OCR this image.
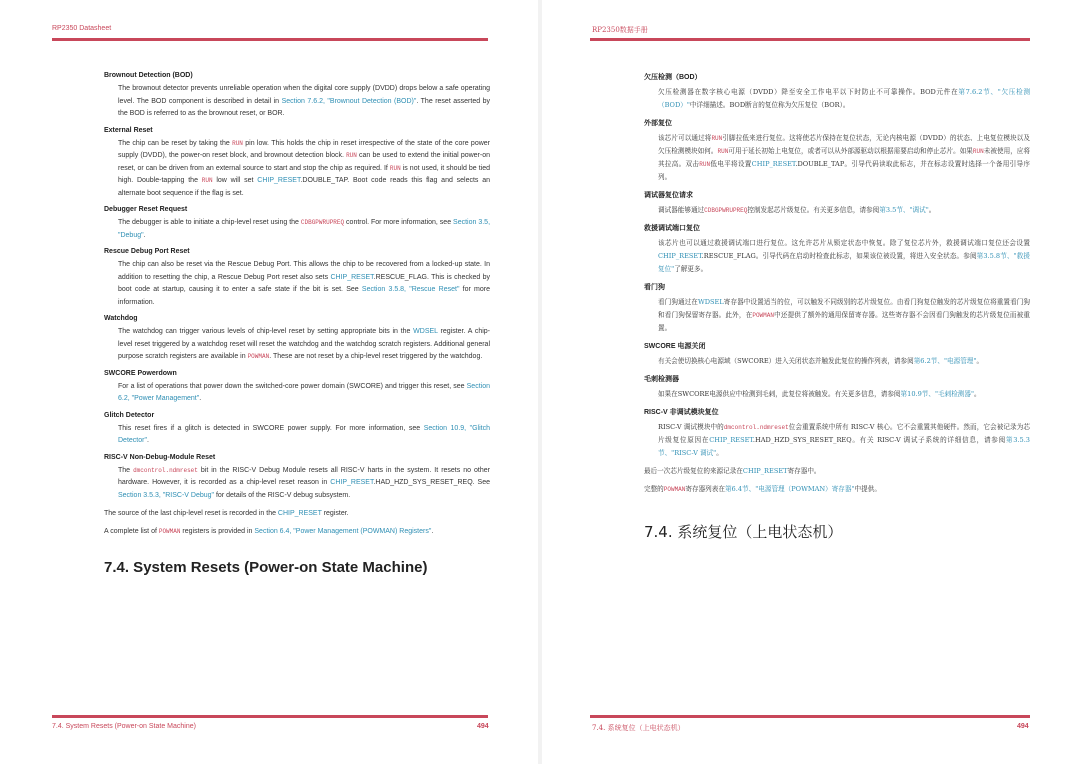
RP2350 Datasheet
Brownout Detection (BOD)

The brownout detector prevents unreliable operation when the digital core supply (DVDD) drops below a safe operating level. The BOD component is described in detail in Section 7.6.2, "Brownout Detection (BOD)". The reset asserted by the BOD is referred to as the brownout reset, or BOR.

External Reset

The chip can be reset by taking the RUN pin low. This holds the chip in reset irrespective of the state of the core power supply (DVDD), the power-on reset block, and brownout detection block. RUN can be used to extend the initial power-on reset, or can be driven from an external source to start and stop the chip as required. If RUN is not used, it should be tied high. Double-tapping the RUN low will set CHIP_RESET.DOUBLE_TAP. Boot code reads this flag and selects an alternate boot sequence if the flag is set.

Debugger Reset Request

The debugger is able to initiate a chip-level reset using the CDBGPWRUPREQ control. For more information, see Section 3.5, "Debug".

Rescue Debug Port Reset

The chip can also be reset via the Rescue Debug Port. This allows the chip to be recovered from a locked-up state. In addition to resetting the chip, a Rescue Debug Port reset also sets CHIP_RESET.RESCUE_FLAG. This is checked by boot code at startup, causing it to enter a safe state if the bit is set. See Section 3.5.8, "Rescue Reset" for more information.

Watchdog

The watchdog can trigger various levels of chip-level reset by setting appropriate bits in the WDSEL register. A chip-level reset triggered by a watchdog reset will reset the watchdog and the watchdog scratch registers. Additional general purpose scratch registers are available in POWMAN. These are not reset by a chip-level reset triggered by the watchdog.

SWCORE Powerdown

For a list of operations that power down the switched-core power domain (SWCORE) and trigger this reset, see Section 6.2, "Power Management".

Glitch Detector

This reset fires if a glitch is detected in SWCORE power supply. For more information, see Section 10.9, "Glitch Detector".

RISC-V Non-Debug-Module Reset

The dmcontrol.ndmreset bit in the RISC-V Debug Module resets all RISC-V harts in the system. It resets no other hardware. However, it is recorded as a chip-level reset reason in CHIP_RESET.HAD_HZD_SYS_RESET_REQ. See Section 3.5.3, "RISC-V Debug" for details of the RISC-V debug subsystem.

The source of the last chip-level reset is recorded in the CHIP_RESET register.

A complete list of POWMAN registers is provided in Section 6.4, "Power Management (POWMAN) Registers".

7.4. System Resets (Power-on State Machine)
7.4. System Resets (Power-on State Machine)	494
RP2350数据手册
欠压检测（BOD）

欠压检测器在数字核心电源（DVDD）降至安全工作电平以下时防止不可靠操作。BOD元件在第7.6.2节、"欠压检测（BOD）"中详细描述。BOD断言的复位称为欠压复位（BOR）。

外部复位

该芯片可以通过将RUN引脚拉低来进行复位。这将使芯片保持在复位状态，无论内核电源（DVDD）的状态、上电复位模块以及欠压检测模块如何。RUN可用于延长初始上电复位，或者可以从外部源驱动以根据需要启动和停止芯片。如果RUN未被使用，应将其拉高。双击RUN低电平将设置CHIP_RESET.DOUBLE_TAP。引导代码读取此标志，并在标志设置时选择一个备用引导序列。

调试器复位请求

调试器能够通过CDBGPWRUPREQ控制发起芯片级复位。有关更多信息，请参阅第3.5节、"调试"。

救援调试端口复位

该芯片也可以通过救援调试端口进行复位。这允许芯片从锁定状态中恢复。除了复位芯片外，救援调试端口复位还会设置CHIP_RESET.RESCUE_FLAG。引导代码在启动时检查此标志，如果该位被设置，将进入安全状态。参阅第3.5.8节、"救援复位"了解更多。

看门狗

看门狗通过在WDSEL寄存器中设置适当的位，可以触发不同级别的芯片级复位。由看门狗复位触发的芯片级复位将重置看门狗和看门狗保留寄存器。此外，在POWMAN中还提供了额外的通用保留寄存器。这些寄存器不会因看门狗触发的芯片级复位而被重置。

SWCORE 电源关闭

有关会使切换核心电源域（SWCORE）进入关闭状态并触发此复位的操作列表，请参阅第6.2节、"电源管理"。

毛刺检测器

如果在SWCORE电源供应中检测到毛刺，此复位将被触发。有关更多信息，请参阅第10.9节、"毛刺检测器"。

RISC-V 非调试模块复位

RISC-V 调试模块中的dmcontrol.ndmreset位会重置系统中所有 RISC-V 核心。它不会重置其他硬件。然而，它会被记录为芯片级复位原因在CHIP_RESET.HAD_HZD_SYS_RESET_REQ。有关 RISC-V 调试子系统的详细信息，请参阅第3.5.3节、"RISC-V 调试"。

最后一次芯片级复位的来源记录在CHIP_RESET寄存器中。

完整的POWMAN寄存器列表在第6.4节、"电源管理（POWMAN）寄存器"中提供。

7.4. 系统复位（上电状态机）
7.4. 系统复位（上电状态机）	494
